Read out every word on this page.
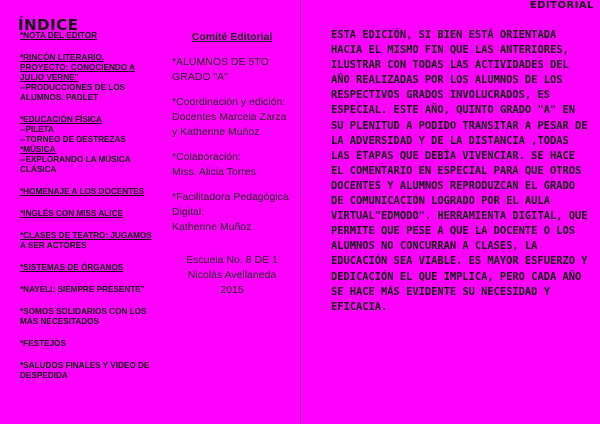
ÍNDICE
*NOTA DEL EDITOR
*RINCÓN LITERARIO.
PROYECTO: CONOCIENDO A
JULIO VERNE"
--PRODUCCIONES DE LOS
ALUMNOS. PADLET
*EDUCACIÓN FÍSICA
--PILETA
--TORNEO DE DESTREZAS
*MÚSICA
--EXPLORANDO LA MÚSICA
CLÁSICA
*HOMENAJE A LOS DOCENTES
*INGLÉS CON MISS ALICE
*CLASES DE TEATRO: JUGAMOS
A SER ACTORES
*SISTEMAS DE ÓRGANOS
*NAYELI: SIEMPRE PRESENTE"
*SOMOS SOLIDARIOS CON LOS
MÁS NECESITADOS
*FESTEJOS
*SALUDOS FINALES Y VIDEO DE
DESPEDIDA
Comité Editorial
*ALUMNOS DE 5TO GRADO "A"
*Coordinación y edición:
Docentes Marcela Zarza y Katherine Muñoz
*Colaboración:
Miss. Alicia Torres
*Facilitadora Pedagógica Digital:
Katherine Muñoz
Escuela No. 8 DE 1 Nicolás Avellaneda
2015
EDITORIAL
ESTA EDICIÓN, SI BIEN ESTÁ ORIENTADA HACIA EL MISMO FIN QUE LAS ANTERIORES, ILUSTRAR CON TODAS LAS ACTIVIDADES DEL AÑO REALIZADAS POR LOS ALUMNOS DE LOS RESPECTIVOS GRADOS INVOLUCRADOS, ES ESPECIAL. ESTE AÑO, QUINTO GRADO "A" EN SU PLENITUD A PODIDO TRANSITAR A PESAR DE LA ADVERSIDAD Y DE LA DISTANCIA ,TODAS LAS ETAPAS QUE DEBÍA VIVENCIAR. SE HACE EL COMENTARIO EN ESPECIAL PARA QUE OTROS DOCENTES Y ALUMNOS REPRODUZCAN EL GRADO DE COMUNICACIÓN LOGRADO POR EL AULA VIRTUAL"EDMODO". HERRAMIENTA DIGITAL, QUE PERMITE QUE PESE A QUE LA DOCENTE O LOS ALUMNOS NO CONCURRAN A CLASES, LA EDUCACIÓN SEA VIABLE. ES MAYOR ESFUERZO Y DEDICACIÓN EL QUE IMPLICA, PERO CADA AÑO SE HACE MÁS EVIDENTE SU NECESIDAD Y EFICACIA.
